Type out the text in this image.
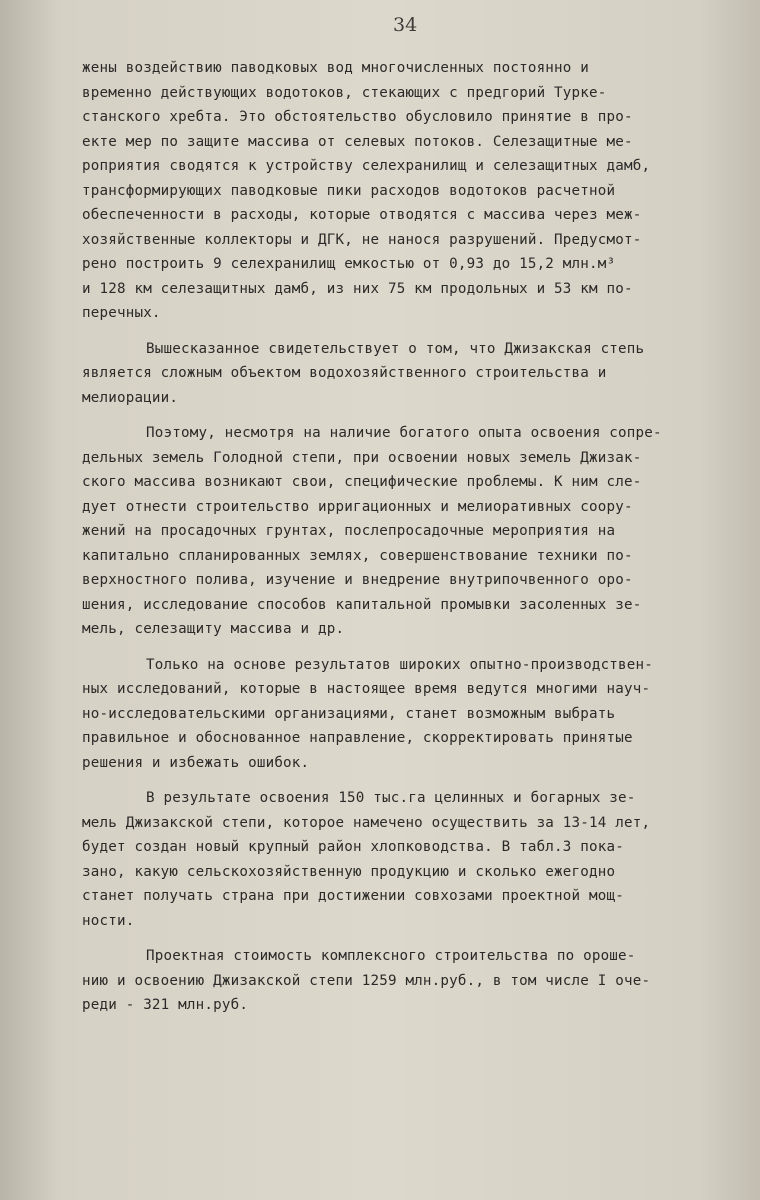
34

жены воздействию паводковых вод многочисленных постоянно и
временно действующих водотоков, стекающих с предгорий Турке-
станского хребта. Это обстоятельство обусловило принятие в про-
екте мер по защите массива от селевых потоков. Селезащитные ме-
роприятия сводятся к устройству селехранилищ и селезащитных дамб,
трансформирующих паводковые пики расходов водотоков расчетной
обеспеченности в расходы, которые отводятся с массива через меж-
хозяйственные коллекторы и ДГК, не нанося разрушений. Предусмот-
рено построить 9 селехранилищ емкостью от 0,93 до 15,2 млн.м³
и 128 км селезащитных дамб, из них 75 км продольных и 53 км по-
перечных.

Вышесказанное свидетельствует о том, что Джизакская степь
является сложным объектом водохозяйственного строительства и
мелиорации.

Поэтому, несмотря на наличие богатого опыта освоения сопре-
дельных земель Голодной степи, при освоении новых земель Джизак-
ского массива возникают свои, специфические проблемы. К ним сле-
дует отнести строительство ирригационных и мелиоративных соору-
жений на просадочных грунтах, послепросадочные мероприятия на
капитально спланированных землях, совершенствование техники по-
верхностного полива, изучение и внедрение внутрипочвенного оро-
шения, исследование способов капитальной промывки засоленных зе-
мель, селезащиту массива и др.

Только на основе результатов широких опытно-производствен-
ных исследований, которые в настоящее время ведутся многими науч-
но-исследовательскими организациями, станет возможным выбрать
правильное и обоснованное направление, скорректировать принятые
решения и избежать ошибок.

В результате освоения 150 тыс.га целинных и богарных зе-
мель Джизакской степи, которое намечено осуществить за 13-14 лет,
будет создан новый крупный район хлопководства. В табл.3 пока-
зано, какую сельскохозяйственную продукцию и сколько ежегодно
станет получать страна при достижении совхозами проектной мощ-
ности.

Проектная стоимость комплексного строительства по ороше-
нию и освоению Джизакской степи 1259 млн.руб., в том числе I оче-
реди - 321 млн.руб.
